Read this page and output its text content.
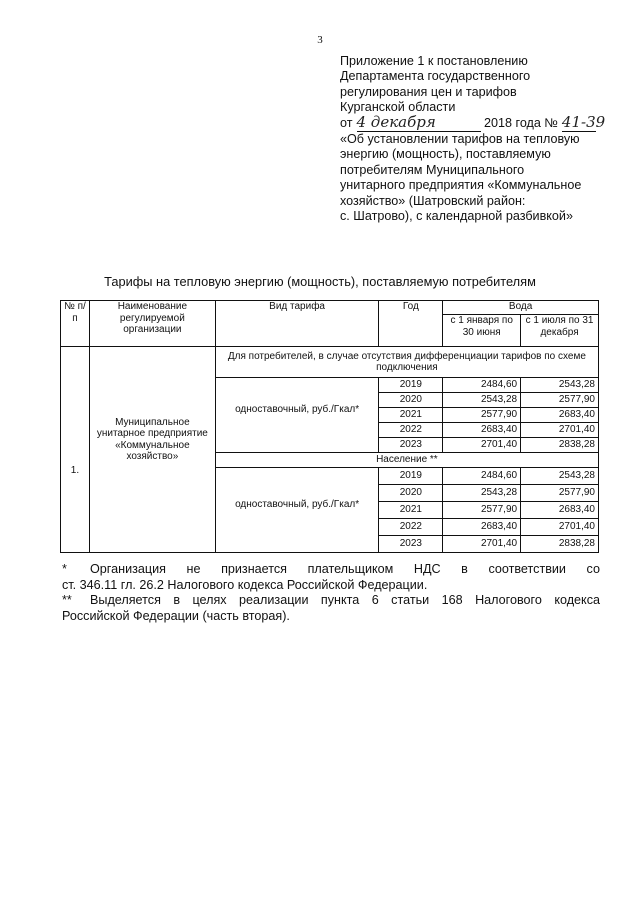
3
Приложение 1 к постановлению
Департамента государственного
регулирования цен и тарифов
Курганской области
от 4 декабря	2018 года № 41-39
«Об установлении тарифов на тепловую
энергию (мощность), поставляемую
потребителям Муниципального
унитарного предприятия «Коммунальное
хозяйство» (Шатровский район:
с. Шатрово), с календарной разбивкой»
Тарифы на тепловую энергию (мощность), поставляемую потребителям
№ п/п	Наименование регулируемой организации	Вид тарифа	Год	Вода	
				с 1 января по 30 июня	с 1 июля по 31 декабря
1.	Муниципальное унитарное предприятие «Коммунальное хозяйство»	Для потребителей, в случае отсутствия дифференциации тарифов по схеме подключения			
		одноставочный, руб./Гкал*	2019	2484,60	2543,28
			2020	2543,28	2577,90
			2021	2577,90	2683,40
			2022	2683,40	2701,40
			2023	2701,40	2838,28
		Население **			
		одноставочный, руб./Гкал*	2019	2484,60	2543,28
			2020	2543,28	2577,90
			2021	2577,90	2683,40
			2022	2683,40	2701,40
			2023	2701,40	2838,28

* Организация не признается плательщиком НДС в соответствии со

ст. 346.11 гл. 26.2 Налогового кодекса Российской Федерации.

** Выделяется в целях реализации пункта 6 статьи 168 Налогового кодекса

Российской Федерации (часть вторая).
